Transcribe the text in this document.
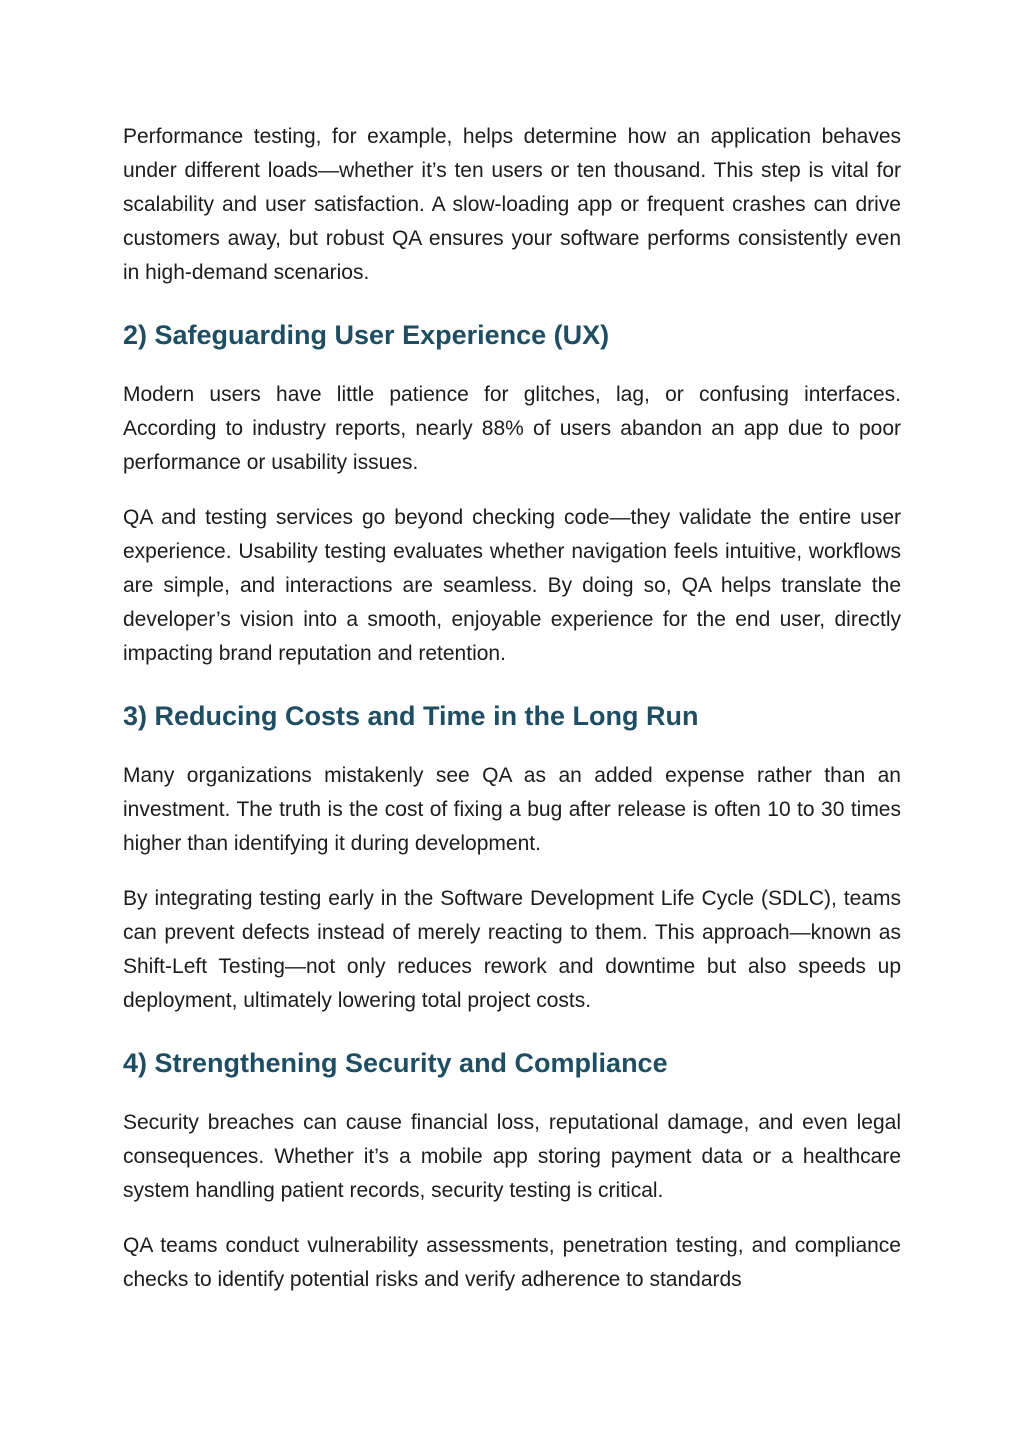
Performance testing, for example, helps determine how an application behaves under different loads—whether it’s ten users or ten thousand. This step is vital for scalability and user satisfaction. A slow-loading app or frequent crashes can drive customers away, but robust QA ensures your software performs consistently even in high-demand scenarios.

2) Safeguarding User Experience (UX)

Modern users have little patience for glitches, lag, or confusing interfaces. According to industry reports, nearly 88% of users abandon an app due to poor performance or usability issues.

QA and testing services go beyond checking code—they validate the entire user experience. Usability testing evaluates whether navigation feels intuitive, workflows are simple, and interactions are seamless. By doing so, QA helps translate the developer’s vision into a smooth, enjoyable experience for the end user, directly impacting brand reputation and retention.

3) Reducing Costs and Time in the Long Run

Many organizations mistakenly see QA as an added expense rather than an investment. The truth is the cost of fixing a bug after release is often 10 to 30 times higher than identifying it during development.

By integrating testing early in the Software Development Life Cycle (SDLC), teams can prevent defects instead of merely reacting to them. This approach—known as Shift-Left Testing—not only reduces rework and downtime but also speeds up deployment, ultimately lowering total project costs.

4) Strengthening Security and Compliance

Security breaches can cause financial loss, reputational damage, and even legal consequences. Whether it’s a mobile app storing payment data or a healthcare system handling patient records, security testing is critical.

QA teams conduct vulnerability assessments, penetration testing, and compliance checks to identify potential risks and verify adherence to standards
